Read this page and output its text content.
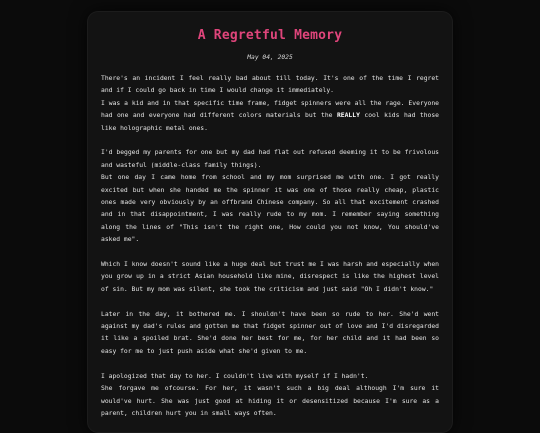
A Regretful Memory
May 04, 2025

There's an incident I feel really bad about till today. It's one of the time I regret and if I could go back in time I would change it immediately.
I was a kid and in that specific time frame, fidget spinners were all the rage. Everyone had one and everyone had different colors materials but the REALLY cool kids had those like holographic metal ones.

I'd begged my parents for one but my dad had flat out refused deeming it to be frivolous and wasteful (middle-class family things).
But one day I came home from school and my mom surprised me with one. I got really excited but when she handed me the spinner it was one of those really cheap, plastic ones made very obviously by an offbrand Chinese company. So all that excitement crashed and in that disappointment, I was really rude to my mom. I remember saying something along the lines of "This isn't the right one, How could you not know, You should've asked me".

Which I know doesn't sound like a huge deal but trust me I was harsh and especially when you grow up in a strict Asian household like mine, disrespect is like the highest level of sin. But my mom was silent, she took the criticism and just said "Oh I didn't know."

Later in the day, it bothered me. I shouldn't have been so rude to her. She'd went against my dad's rules and gotten me that fidget spinner out of love and I'd disregarded it like a spoiled brat. She'd done her best for me, for her child and it had been so easy for me to just push aside what she'd given to me.

I apologized that day to her. I couldn't live with myself if I hadn't.
She forgave me ofcourse. For her, it wasn't such a big deal although I'm sure it would've hurt. She was just good at hiding it or desensitized because I'm sure as a parent, children hurt you in small ways often.
